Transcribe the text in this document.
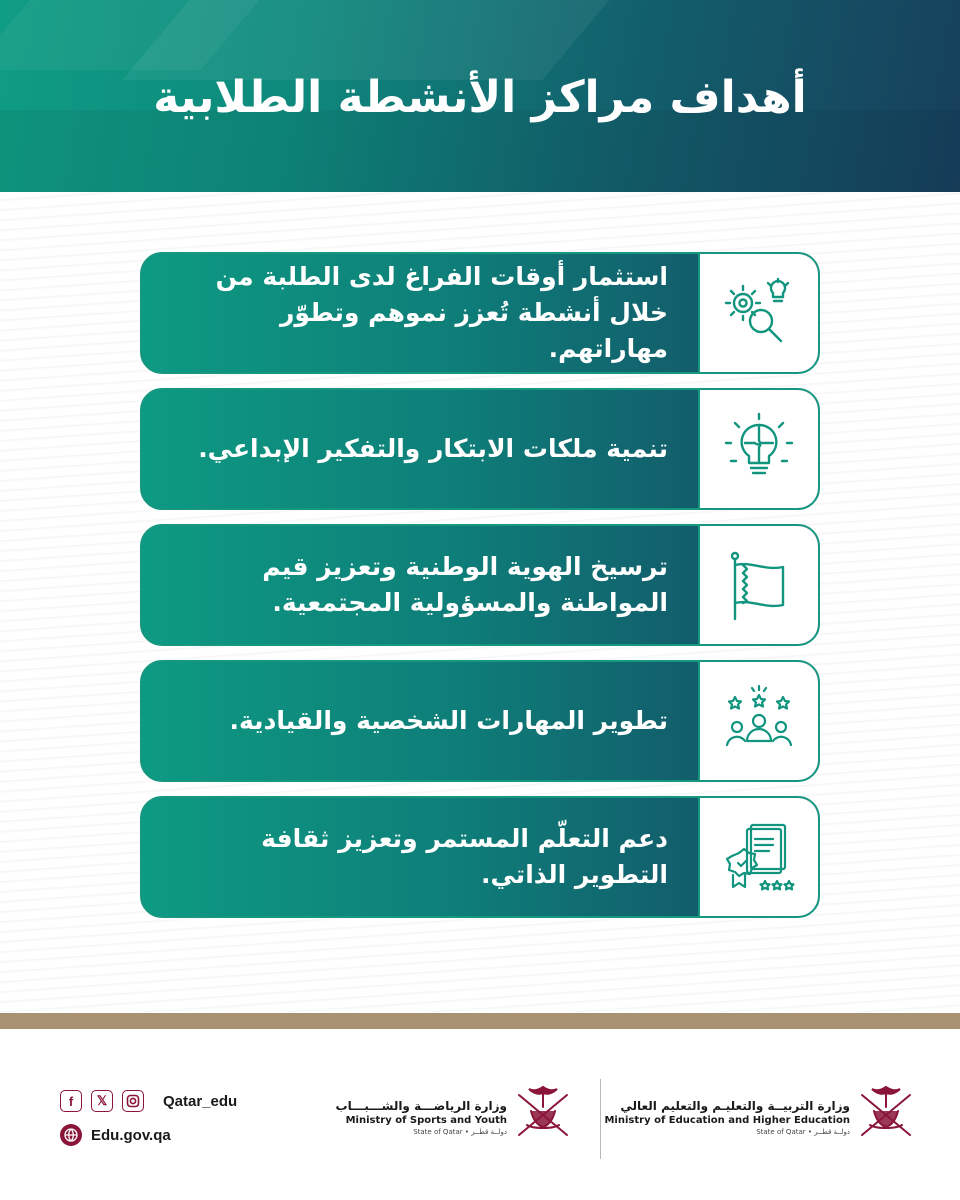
أهداف مراكز الأنشطة الطلابية
استثمار أوقات الفراغ لدى الطلبة من خلال أنشطة تُعزز نموهم وتطوّر مهاراتهم.
تنمية ملكات الابتكار والتفكير الإبداعي.
ترسيخ الهوية الوطنية وتعزيز قيم المواطنة والمسؤولية المجتمعية.
تطوير المهارات الشخصية والقيادية.
دعم التعلّم المستمر وتعزيز ثقافة التطوير الذاتي.
وزارة التربيــة والتعليـم والتعليم العالي
Ministry of Education and Higher Education
State of Qatar • دولــة قطــر
وزارة الرياضـــة والشـــبـــاب
Ministry of Sports and Youth
State of Qatar • دولــة قطــر
f	𝕏	Qatar_edu
Edu.gov.qa
